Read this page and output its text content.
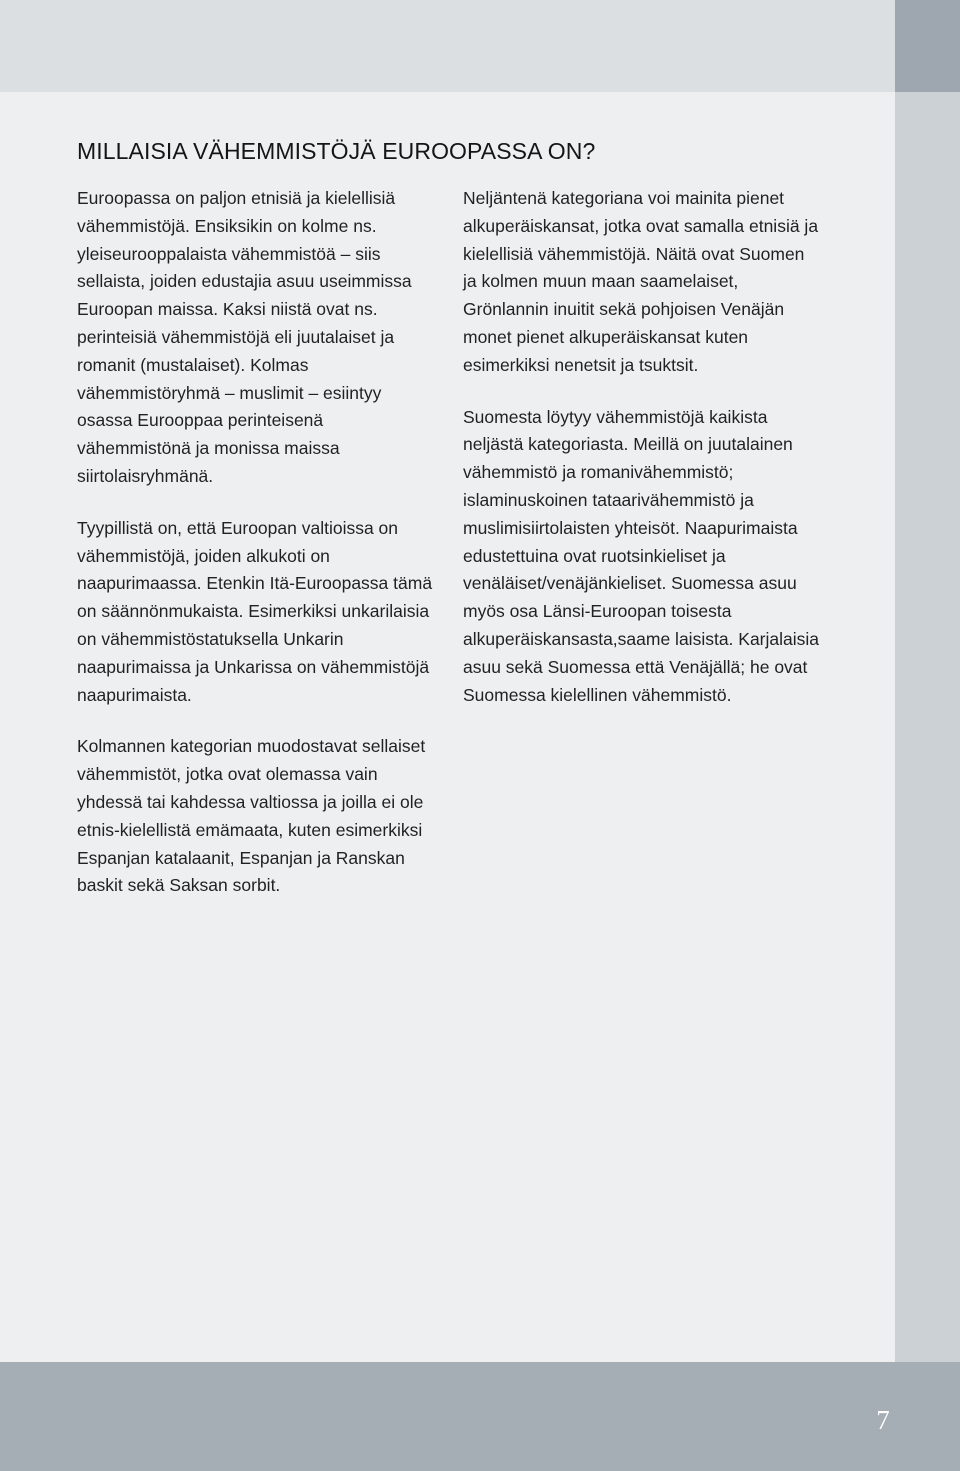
MILLAISIA VÄHEMMISTÖJÄ EUROOPASSA ON?

Euroopassa on paljon etnisiä ja kielellisiä vähemmistöjä. Ensiksikin on kolme ns. yleiseurooppalaista vähemmistöä – siis sellaista, joiden edustajia asuu useimmissa Euroopan maissa. Kaksi niistä ovat ns. perinteisiä vähemmistöjä eli juutalaiset ja romanit (mustalaiset). Kolmas vähemmistöryhmä – muslimit – esiintyy osassa Eurooppaa perinteisenä vähemmistönä ja monissa maissa siirtolaisryhmänä.

Tyypillistä on, että Euroopan valtioissa on vähemmistöjä, joiden alkukoti on naapurimaassa. Etenkin Itä-Euroopassa tämä on säännönmukaista. Esimerkiksi unkarilaisia on vähemmistöstatuksella Unkarin naapurimaissa ja Unkarissa on vähemmistöjä naapurimaista.

Kolmannen kategorian muodostavat sellaiset vähemmistöt, jotka ovat olemassa vain yhdessä tai kahdessa valtiossa ja joilla ei ole etnis-kielellistä emämaata, kuten esimerkiksi Espanjan katalaanit, Espanjan ja Ranskan baskit sekä Saksan sorbit.

Neljäntenä kategoriana voi mainita pienet alkuperäiskansat, jotka ovat samalla etnisiä ja kielellisiä vähemmistöjä. Näitä ovat Suomen ja kolmen muun maan saamelaiset, Grönlannin inuitit sekä pohjoisen Venäjän monet pienet alkuperäiskansat kuten esimerkiksi nenetsit ja tsuktsit.

Suomesta löytyy vähemmistöjä kaikista neljästä kategoriasta. Meillä on juutalainen vähemmistö ja romanivähemmistö; islaminuskoinen tataarivähemmistö ja muslimisiirtolaisten yhteisöt. Naapurimaista edustettuina ovat ruotsinkieliset ja venäläiset/venäjänkieliset. Suomessa asuu myös osa Länsi-Euroopan toisesta alkuperäiskansasta,saame laisista. Karjalaisia asuu sekä Suomessa että Venäjällä; he ovat Suomessa kielellinen vähemmistö.

7
